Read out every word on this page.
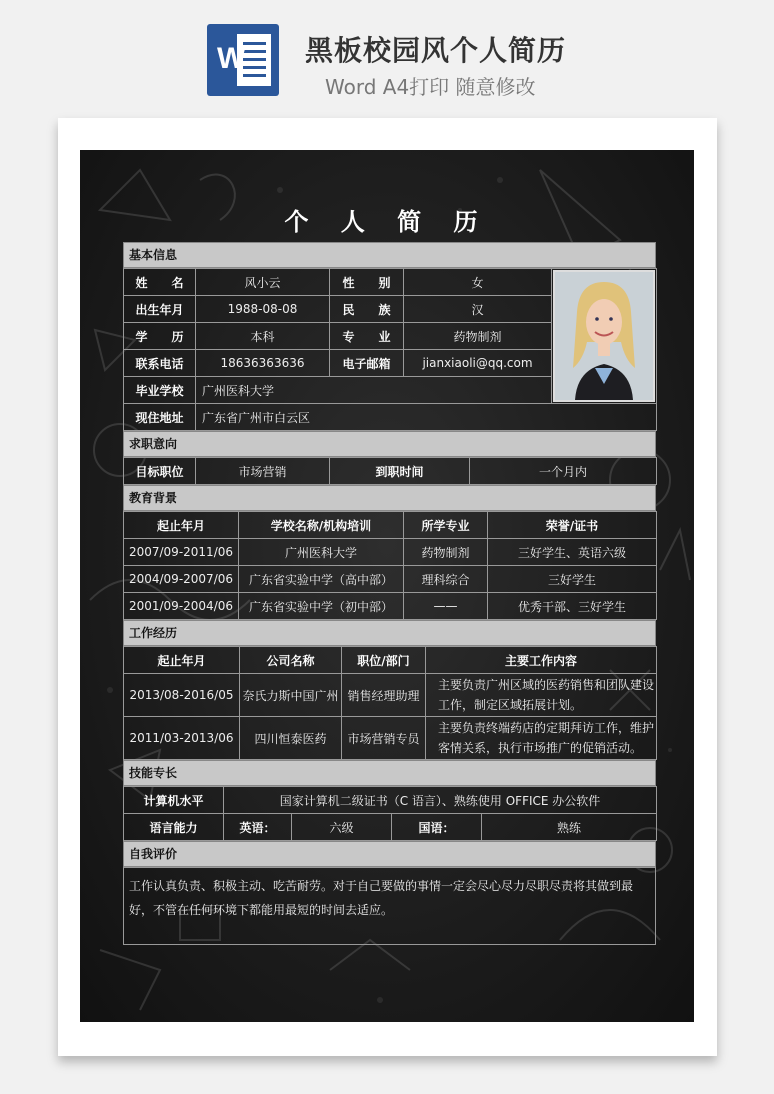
W 黑板校园风个人简历
Word A4打印 随意修改
个 人 简 历
基本信息
姓　　名	风小云	性　　别	女	

出生年月	1988-08-08	民　　族	汉	
学　　历	本科	专　　业	药物制剂	
联系电话	18636363636	电子邮箱	jianxiaoli@qq.com	
毕业学校	广州医科大学			
现住地址	广东省广州市白云区			
求职意向
目标职位	市场营销	到职时间	一个月内
教育背景
起止年月	学校名称/机构培训	所学专业	荣誉/证书
2007/09-2011/06	广州医科大学	药物制剂	三好学生、英语六级
2004/09-2007/06	广东省实验中学（高中部）	理科综合	三好学生
2001/09-2004/06	广东省实验中学（初中部）	——	优秀干部、三好学生
工作经历
起止年月	公司名称	职位/部门	主要工作内容
2013/08-2016/05	奈氏力斯中国广州	销售经理助理	主要负责广州区域的医药销售和团队建设工作，制定区域拓展计划。
2011/03-2013/06	四川恒泰医药	市场营销专员	主要负责终端药店的定期拜访工作，维护客情关系，执行市场推广的促销活动。
技能专长
计算机水平	国家计算机二级证书（C 语言）、熟练使用 OFFICE 办公软件			
语言能力	英语：	六级	国语：	熟练
自我评价
工作认真负责、积极主动、吃苦耐劳。对于自己要做的事情一定会尽心尽力尽职尽责将其做到最好，不管在任何环境下都能用最短的时间去适应。
